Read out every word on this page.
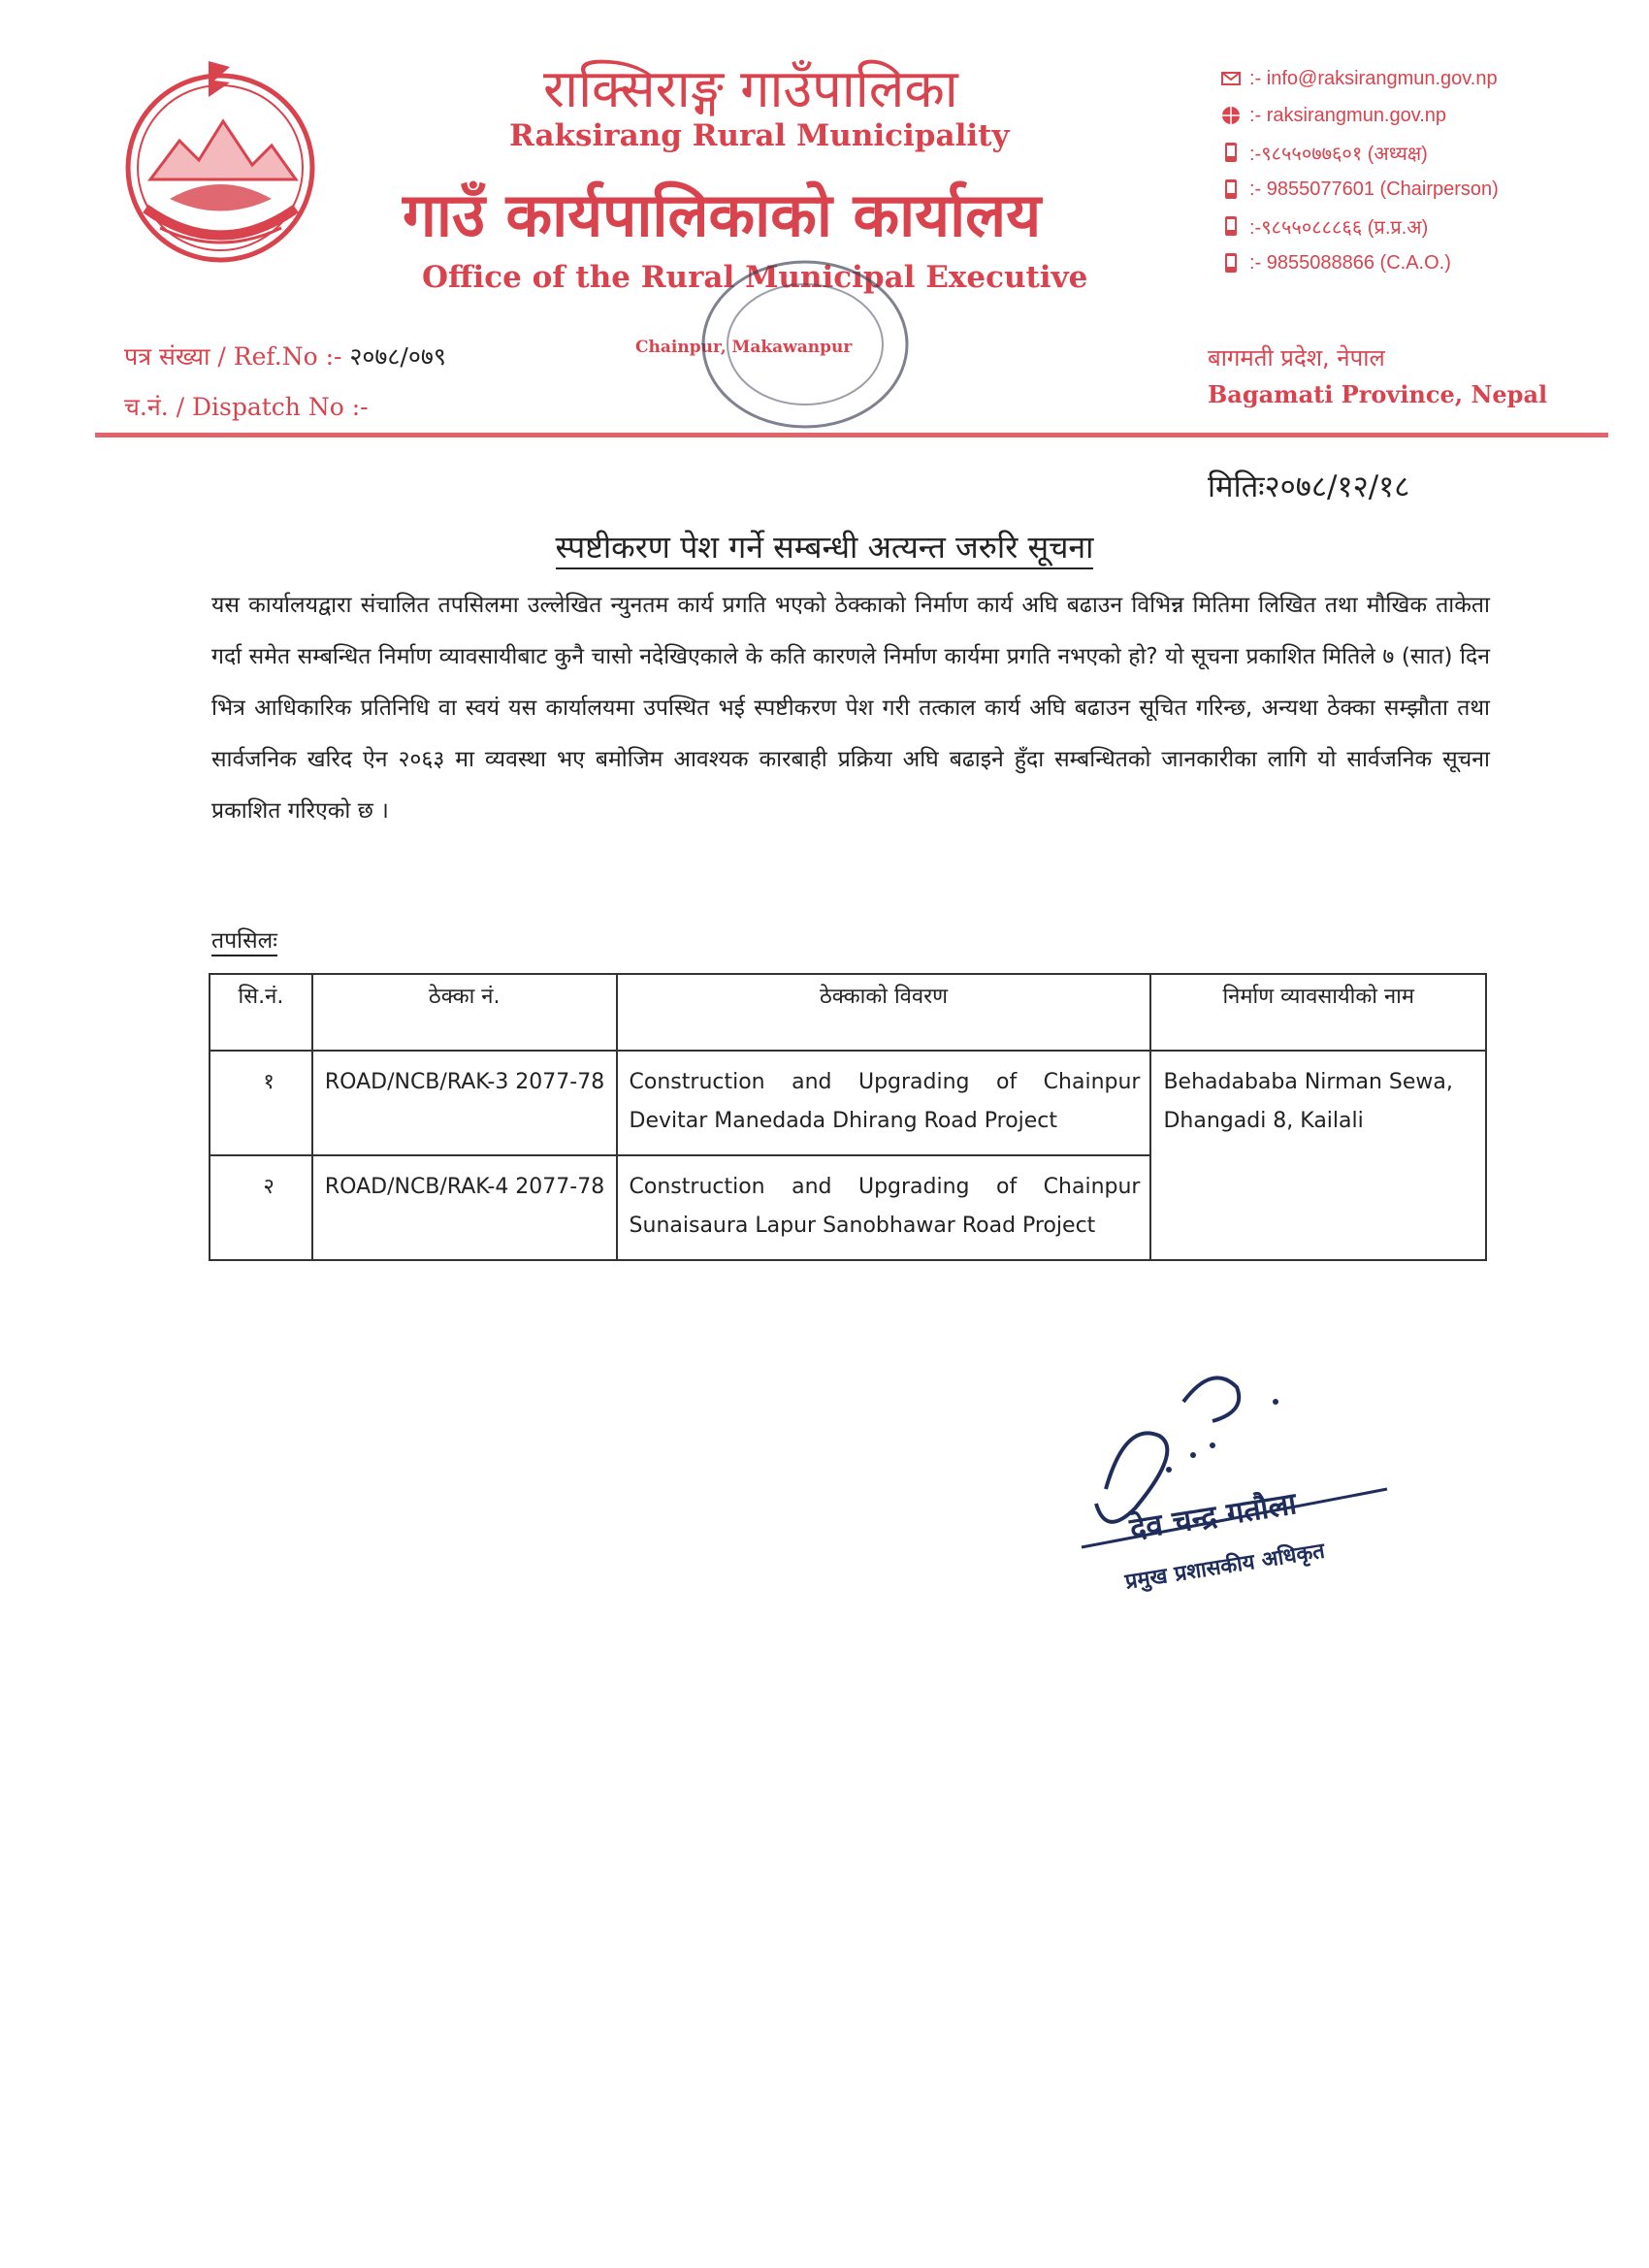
राक्सिराङ्ग गाउँपालिका
Raksirang Rural Municipality
गाउँ कार्यपालिकाको कार्यालय
Office of the Rural Municipal Executive
Chainpur, Makawanpur
:- info@raksirangmun.gov.np
:- raksirangmun.gov.np
:-९८५५०७७६०१ (अध्यक्ष)
:- 9855077601 (Chairperson)
:-९८५५०८८८६६ (प्र.प्र.अ)
:- 9855088866 (C.A.O.)
पत्र संख्या / Ref.No :- २०७८/०७९
च.नं. / Dispatch No :-
बागमती प्रदेश, नेपाल
Bagamati Province, Nepal
मितिः२०७८/१२/१८
स्पष्टीकरण पेश गर्ने सम्बन्धी अत्यन्त जरुरि सूचना
यस कार्यालयद्वारा संचालित तपसिलमा उल्लेखित न्युनतम कार्य प्रगति भएको ठेक्काको निर्माण कार्य अघि बढाउन विभिन्न मितिमा लिखित तथा मौखिक ताकेता गर्दा समेत सम्बन्धित निर्माण व्यावसायीबाट कुनै चासो नदेखिएकाले के कति कारणले निर्माण कार्यमा प्रगति नभएको हो? यो सूचना प्रकाशित मितिले ७ (सात) दिन भित्र आधिकारिक प्रतिनिधि वा स्वयं यस कार्यालयमा उपस्थित भई स्पष्टीकरण पेश गरी तत्काल कार्य अघि बढाउन सूचित गरिन्छ, अन्यथा ठेक्का सम्झौता तथा सार्वजनिक खरिद ऐन २०६३ मा व्यवस्था भए बमोजिम आवश्यक कारबाही प्रक्रिया अघि बढाइने हुँदा सम्बन्धितको जानकारीका लागि यो सार्वजनिक सूचना प्रकाशित गरिएको छ ।
तपसिलः
सि.नं.	ठेक्का नं.	ठेक्काको विवरण	निर्माण व्यावसायीको नाम
१	ROAD/NCB/RAK-3 2077-78	Construction and Upgrading of Chainpur Devitar Manedada Dhirang Road Project	Behadababa Nirman Sewa, Dhangadi 8, Kailali
२	ROAD/NCB/RAK-4 2077-78	Construction and Upgrading of Chainpur Sunaisaura Lapur Sanobhawar Road Project	
देव चन्द्र गतौला
प्रमुख प्रशासकीय अधिकृत
